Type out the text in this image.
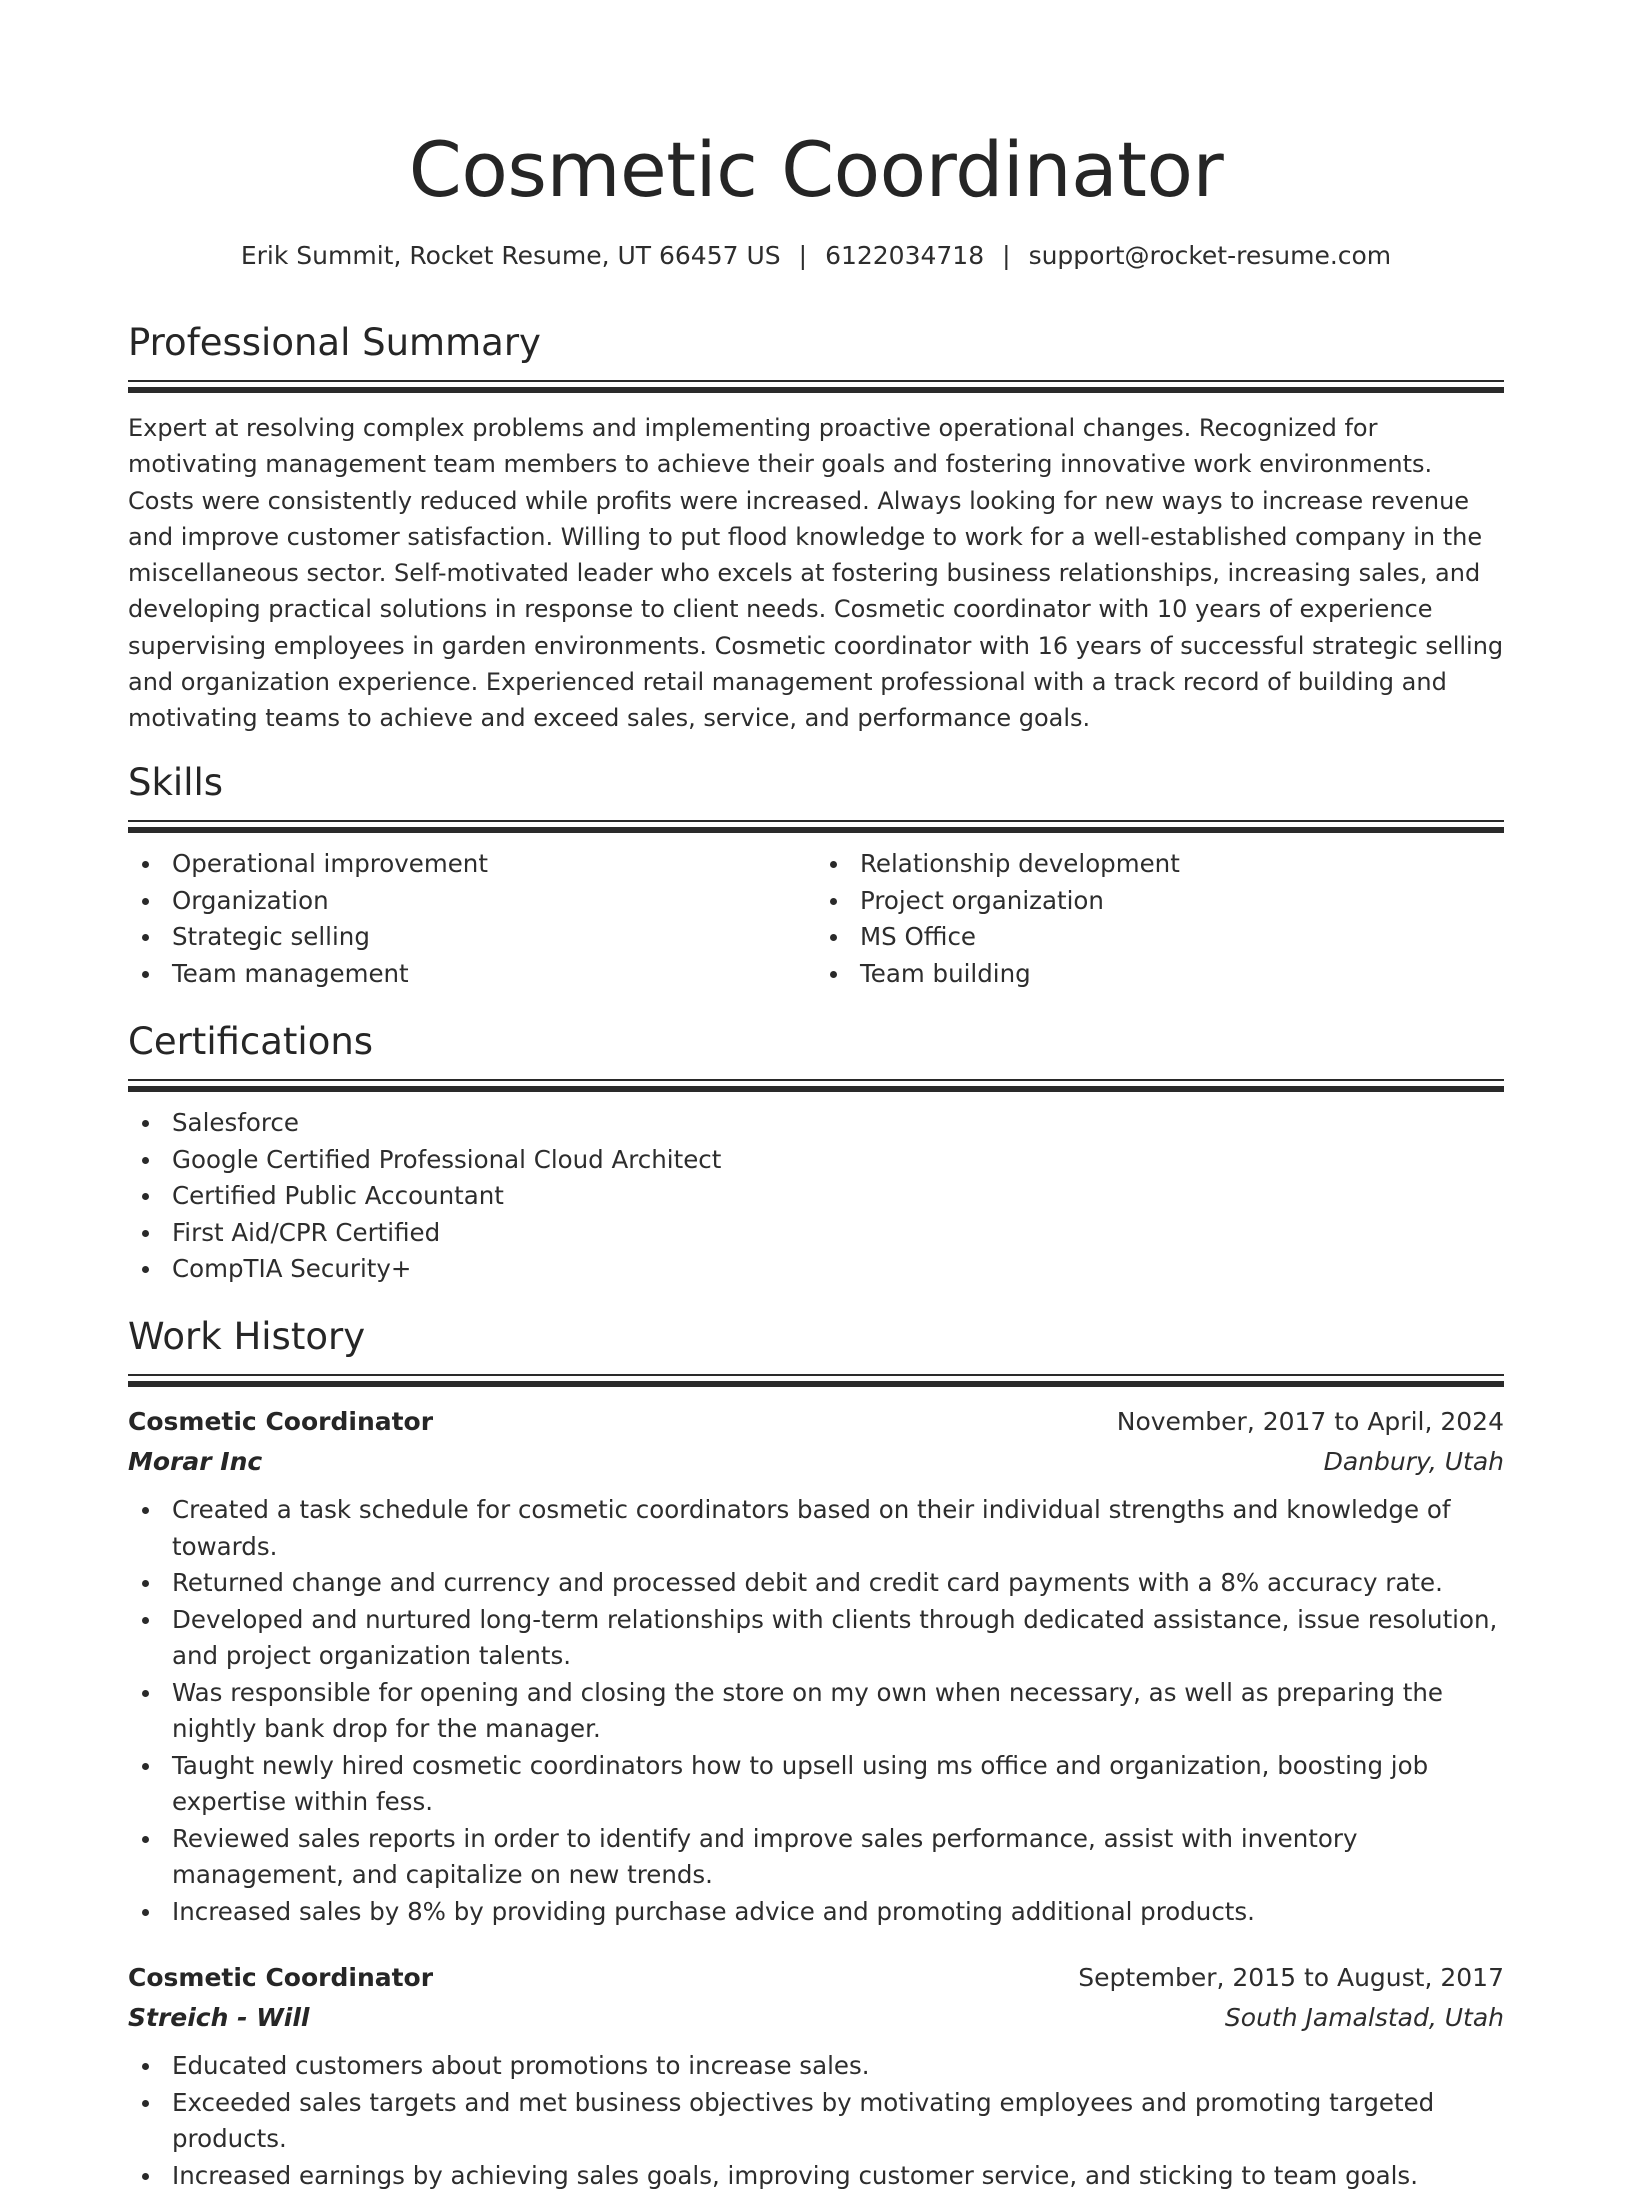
Cosmetic Coordinator
Erik Summit, Rocket Resume, UT 66457 US | 6122034718 | support@rocket-resume.com
Professional Summary

Expert at resolving complex problems and implementing proactive operational changes. Recognized for motivating management team members to achieve their goals and fostering innovative work environments. Costs were consistently reduced while profits were increased. Always looking for new ways to increase revenue and improve customer satisfaction. Willing to put flood knowledge to work for a well-established company in the miscellaneous sector. Self-motivated leader who excels at fostering business relationships, increasing sales, and developing practical solutions in response to client needs. Cosmetic coordinator with 10 years of experience supervising employees in garden environments. Cosmetic coordinator with 16 years of successful strategic selling and organization experience. Experienced retail management professional with a track record of building and motivating teams to achieve and exceed sales, service, and performance goals.

Skills
Operational improvement
Organization
Strategic selling
Team management
Relationship development
Project organization
MS Office
Team building
Certifications
Salesforce
Google Certified Professional Cloud Architect
Certified Public Accountant
First Aid/CPR Certified
CompTIA Security+
Work History
Cosmetic Coordinator	November, 2017 to April, 2024
Morar Inc	Danbury, Utah
Created a task schedule for cosmetic coordinators based on their individual strengths and knowledge of towards.
Returned change and currency and processed debit and credit card payments with a 8% accuracy rate.
Developed and nurtured long-term relationships with clients through dedicated assistance, issue resolution, and project organization talents.
Was responsible for opening and closing the store on my own when necessary, as well as preparing the nightly bank drop for the manager.
Taught newly hired cosmetic coordinators how to upsell using ms office and organization, boosting job expertise within fess.
Reviewed sales reports in order to identify and improve sales performance, assist with inventory management, and capitalize on new trends.
Increased sales by 8% by providing purchase advice and promoting additional products.
Cosmetic Coordinator	September, 2015 to August, 2017
Streich - Will	South Jamalstad, Utah
Educated customers about promotions to increase sales.
Exceeded sales targets and met business objectives by motivating employees and promoting targeted products.
Increased earnings by achieving sales goals, improving customer service, and sticking to team goals.
